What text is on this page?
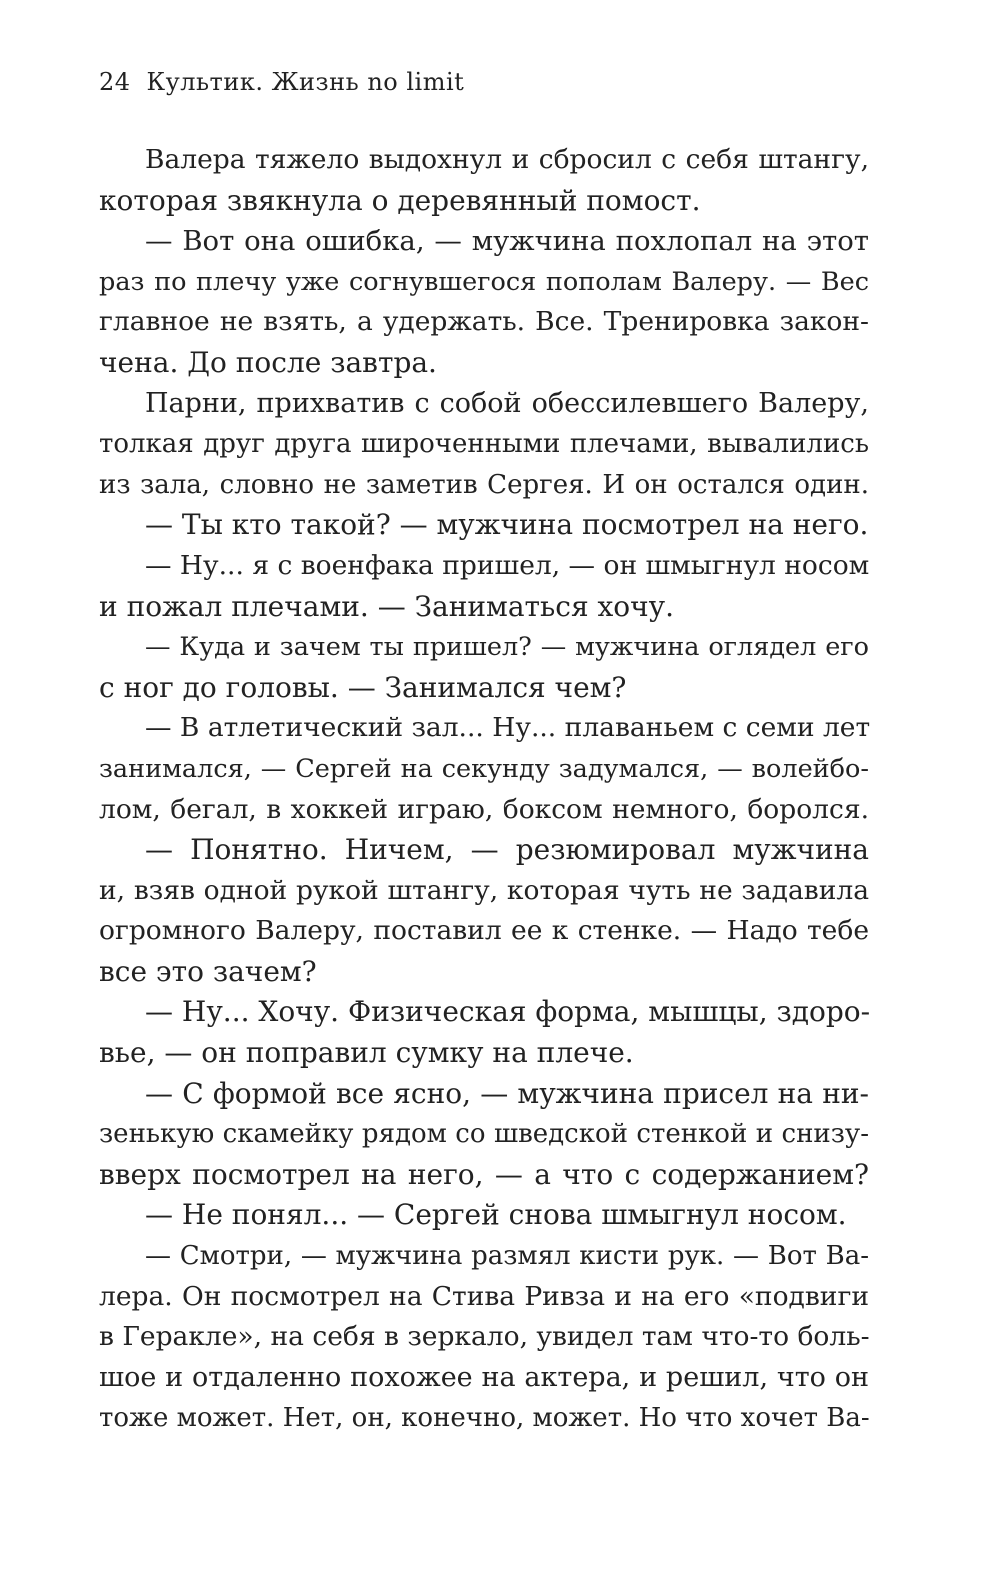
24 Культик. Жизнь no limit
Валера тяжело выдохнул и сбросил с себя штангу,
которая звякнула о деревянный помост.
— Вот она ошибка, — мужчина похлопал на этот
раз по плечу уже согнувшегося пополам Валеру. — Вес
главное не взять, а удержать. Все. Тренировка закон-
чена. До после завтра.
Парни, прихватив с собой обессилевшего Валеру,
толкая друг друга широченными плечами, вывалились
из зала, словно не заметив Сергея. И он остался один.
— Ты кто такой? — мужчина посмотрел на него.
— Ну... я с военфака пришел, — он шмыгнул носом
и пожал плечами. — Заниматься хочу.
— Куда и зачем ты пришел? — мужчина оглядел его
с ног до головы. — Занимался чем?
— В атлетический зал... Ну... плаваньем с семи лет
занимался, — Сергей на секунду задумался, — волейбо-
лом, бегал, в хоккей играю, боксом немного, боролся.
— Понятно. Ничем, — резюмировал мужчина
и, взяв одной рукой штангу, которая чуть не задавила
огромного Валеру, поставил ее к стенке. — Надо тебе
все это зачем?
— Ну... Хочу. Физическая форма, мышцы, здоро-
вье, — он поправил сумку на плече.
— С формой все ясно, — мужчина присел на ни-
зенькую скамейку рядом со шведской стенкой и снизу-
вверх посмотрел на него, — а что с содержанием?
— Не понял... — Сергей снова шмыгнул носом.
— Смотри, — мужчина размял кисти рук. — Вот Ва-
лера. Он посмотрел на Стива Ривза и на его «подвиги
в Геракле», на себя в зеркало, увидел там что-то боль-
шое и отдаленно похожее на актера, и решил, что он
тоже может. Нет, он, конечно, может. Но что хочет Ва-
